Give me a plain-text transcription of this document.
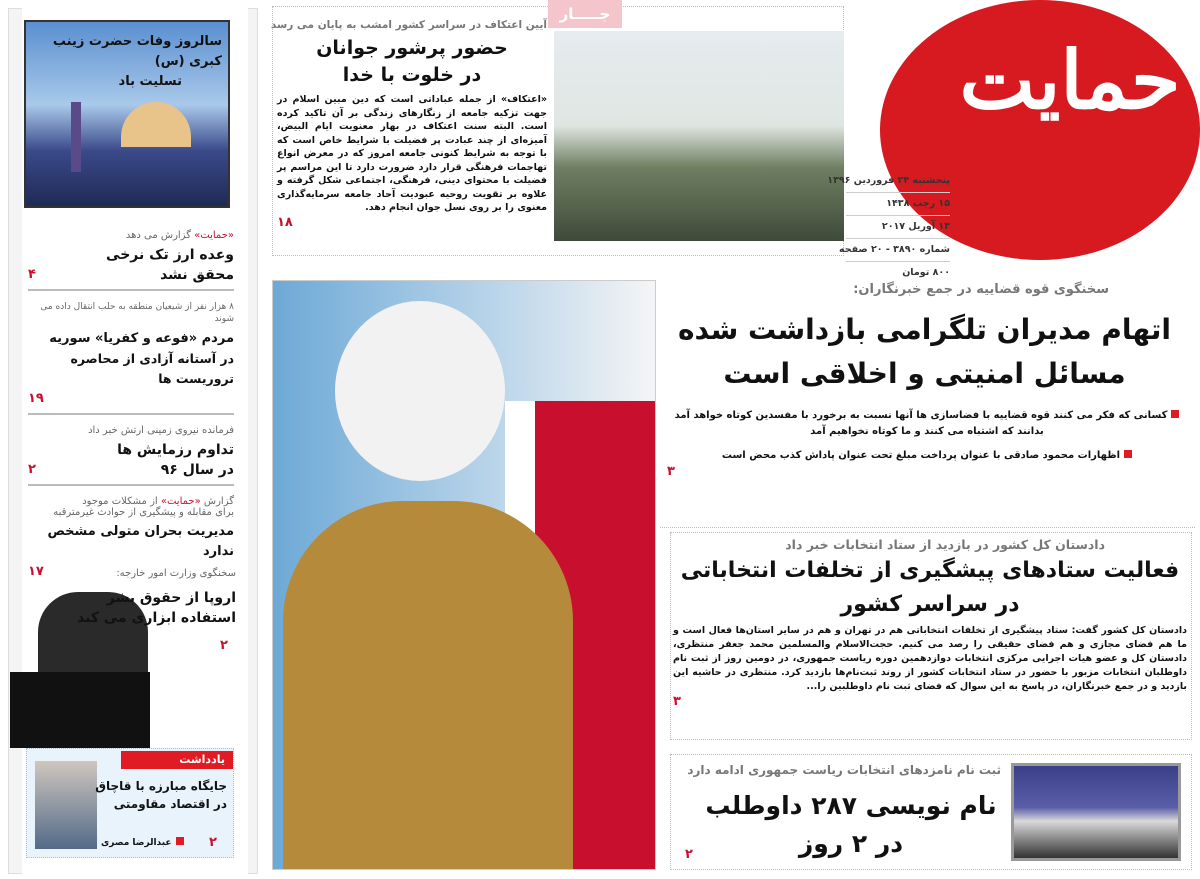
سالروز وفات حضرت زینب کبری (س)
تسلیت باد
«حمایت» گزارش می دهد
وعده ارز تک نرخی
۴	محقق نشد
۸ هزار نفر از شیعیان منطقه به حلب انتقال داده می شوند
مردم «فوعه و کفریا» سوریه
در آستانه آزادی از محاصره تروریست ها
۱۹
فرمانده نیروی زمینی ارتش خبر داد
تداوم رزمایش ها
۲	در سال ۹۶
گزارش «حمایت» از مشکلات موجود
برای مقابله و پیشگیری از حوادث غیرمترقبه
مدیریت بحران متولی مشخص ندارد
۱۷	سخنگوی وزارت امور خارجه:
اروپا از حقوق بشر
استفاده ابزاری می کند
۲
یادداشت
جایگاه مبارزه با قاچاق
در اقتصاد مقاومتی
عبدالرضا مصری	۲
آیین اعتکاف در سراسر کشور امشب به پایان می رسد
حضور پرشور جوانان
در خلوت با خدا
«اعتکاف» از جمله عباداتی است که دین مبین اسلام در جهت تزکیه جامعه از زنگارهای زندگی بر آن تاکید کرده است. البته سنت اعتکاف در بهار معنویت ایام البیض، آمیزه‌ای از چند عبادت پر فضیلت با شرایط خاص است که با توجه به شرایط کنونی جامعه امروز که در معرض انواع تهاجمات فرهنگی قرار دارد ضرورت دارد تا این مراسم پر فضیلت با محتوای دینی، فرهنگی، اجتماعی شکل گرفته و علاوه بر تقویت روحیه عبودیت آحاد جامعه سرمایه‌گذاری معنوی را بر روی نسل جوان انجام دهد.
۱۸
جـــــار
حمایت
پنجشنبه ۲۴ فروردین ۱۳۹۶
۱۵ رجب ۱۴۳۸
۱۳ آوریل ۲۰۱۷
شماره ۳۸۹۰ - ۲۰ صفحه
۸۰۰ تومان
سخنگوی قوه قضاییه در جمع خبرنگاران:
اتهام مدیران تلگرامی بازداشت شده
مسائل امنیتی و اخلاقی است
کسانی که فکر می کنند قوه قضاییه با فضاسازی ها آنها نسبت به برخورد با مفسدین کوتاه خواهد آمد
بدانند که اشتباه می کنند و ما کوتاه نخواهیم آمد
اظهارات محمود صادقی با عنوان پرداخت مبلغ تحت عنوان پاداش کذب محض است
۳
دادستان کل کشور در بازدید از ستاد انتخابات خبر داد
فعالیت ستادهای پیشگیری از تخلفات انتخاباتی
در سراسر کشور
دادستان کل کشور گفت: ستاد پیشگیری از تخلفات انتخاباتی هم در تهران و هم در سایر استان‌ها فعال است و ما هم فضای مجازی و هم فضای حقیقی را رصد می کنیم. حجت‌الاسلام والمسلمین محمد جعفر منتظری، دادستان کل و عضو هیات اجرایی مرکزی انتخابات دوازدهمین دوره ریاست جمهوری، در دومین روز از ثبت نام داوطلبان انتخابات مزبور با حضور در ستاد انتخابات کشور از روند ثبت‌نام‌ها بازدید کرد. منتظری در حاشیه این بازدید و در جمع خبرنگاران، در پاسخ به این سوال که فضای ثبت نام داوطلبین را...
۳
ثبت نام نامزدهای انتخابات ریاست جمهوری ادامه دارد
نام نویسی ۲۸۷ داوطلب
در ۲ روز
۲
